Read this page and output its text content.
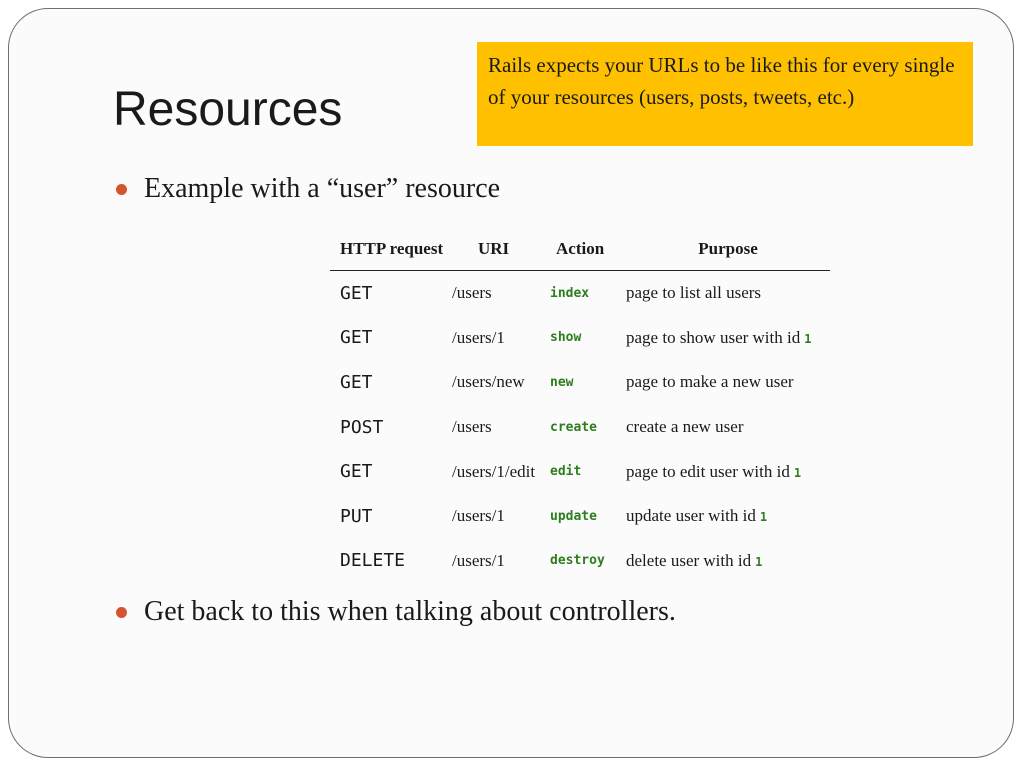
Resources
Rails expects your URLs to be like this for every single of your resources (users, posts, tweets, etc.)
Example with a “user” resource
HTTP request	URI	Action	Purpose
GET	/users	index	page to list all users
GET	/users/1	show	page to show user with id 1
GET	/users/new	new	page to make a new user
POST	/users	create	create a new user
GET	/users/1/edit	edit	page to edit user with id 1
PUT	/users/1	update	update user with id 1
DELETE	/users/1	destroy	delete user with id 1
Get back to this when talking about controllers.
